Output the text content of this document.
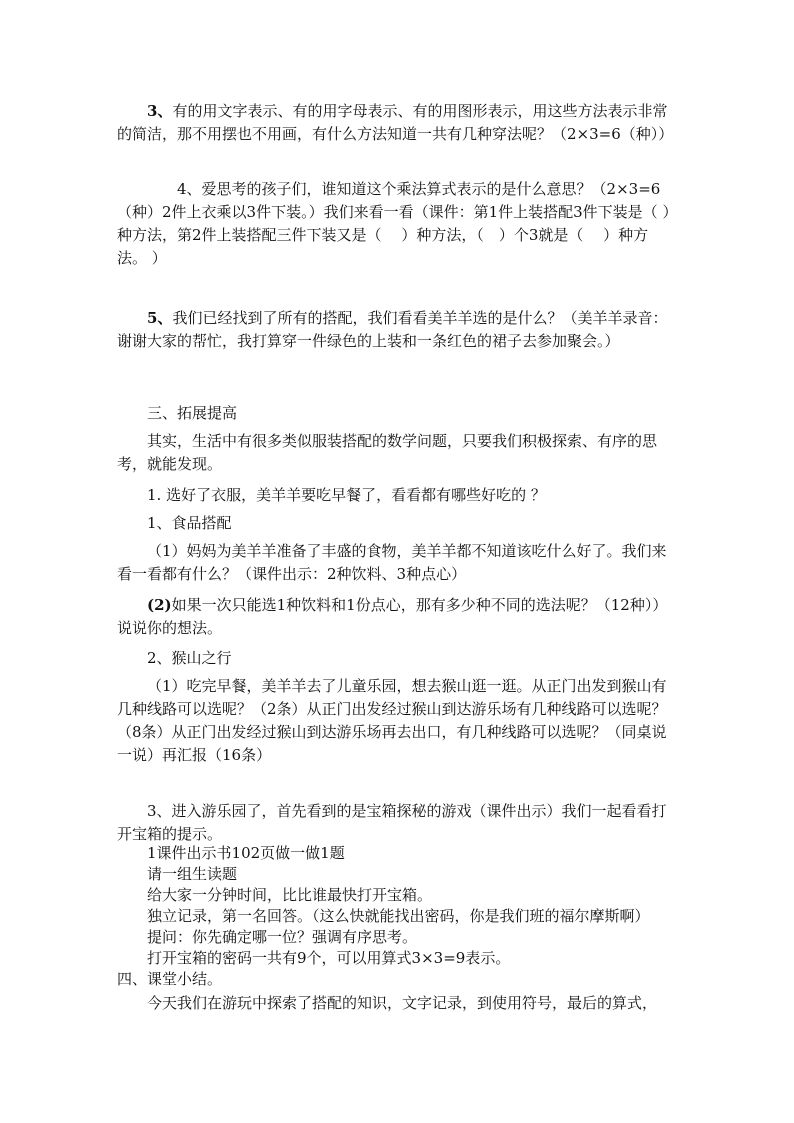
3、有的用文字表示、有的用字母表示、有的用图形表示，用这些方法表示非常的简洁，那不用摆也不用画，有什么方法知道一共有几种穿法呢？（2×3=6（种））

4、爱思考的孩子们，谁知道这个乘法算式表示的是什么意思？（2×3=6（种）2件上衣乘以3件下装。）我们来看一看（课件：第1件上装搭配3件下装是（ ）种方法，第2件上装搭配三件下装又是（　 ）种方法，（　）个3就是（　 ）种方法。 ）

5、我们已经找到了所有的搭配，我们看看美羊羊选的是什么？（美羊羊录音：谢谢大家的帮忙，我打算穿一件绿色的上装和一条红色的裙子去参加聚会。）

三、拓展提高

其实，生活中有很多类似服装搭配的数学问题，只要我们积极探索、有序的思考，就能发现。

1. 选好了衣服，美羊羊要吃早餐了，看看都有哪些好吃的 ？

1、食品搭配

（1）妈妈为美羊羊准备了丰盛的食物，美羊羊都不知道该吃什么好了。我们来看一看都有什么？（课件出示：2种饮料、3种点心）

(2)如果一次只能选1种饮料和1份点心，那有多少种不同的选法呢？（12种））说说你的想法。

2、猴山之行

（1）吃完早餐，美羊羊去了儿童乐园，想去猴山逛一逛。从正门出发到猴山有几种线路可以选呢？（2条）从正门出发经过猴山到达游乐场有几种线路可以选呢？（8条）从正门出发经过猴山到达游乐场再去出口，有几种线路可以选呢？（同桌说一说）再汇报（16条）

3、进入游乐园了，首先看到的是宝箱探秘的游戏（课件出示）我们一起看看打开宝箱的提示。

1课件出示书102页做一做1题

请一组生读题

给大家一分钟时间，比比谁最快打开宝箱。

独立记录，第一名回答。（这么快就能找出密码，你是我们班的福尔摩斯啊）

提问：你先确定哪一位？强调有序思考。

打开宝箱的密码一共有9个，可以用算式3×3=9表示。

四、课堂小结。

今天我们在游玩中探索了搭配的知识，文字记录，到使用符号，最后的算式，
